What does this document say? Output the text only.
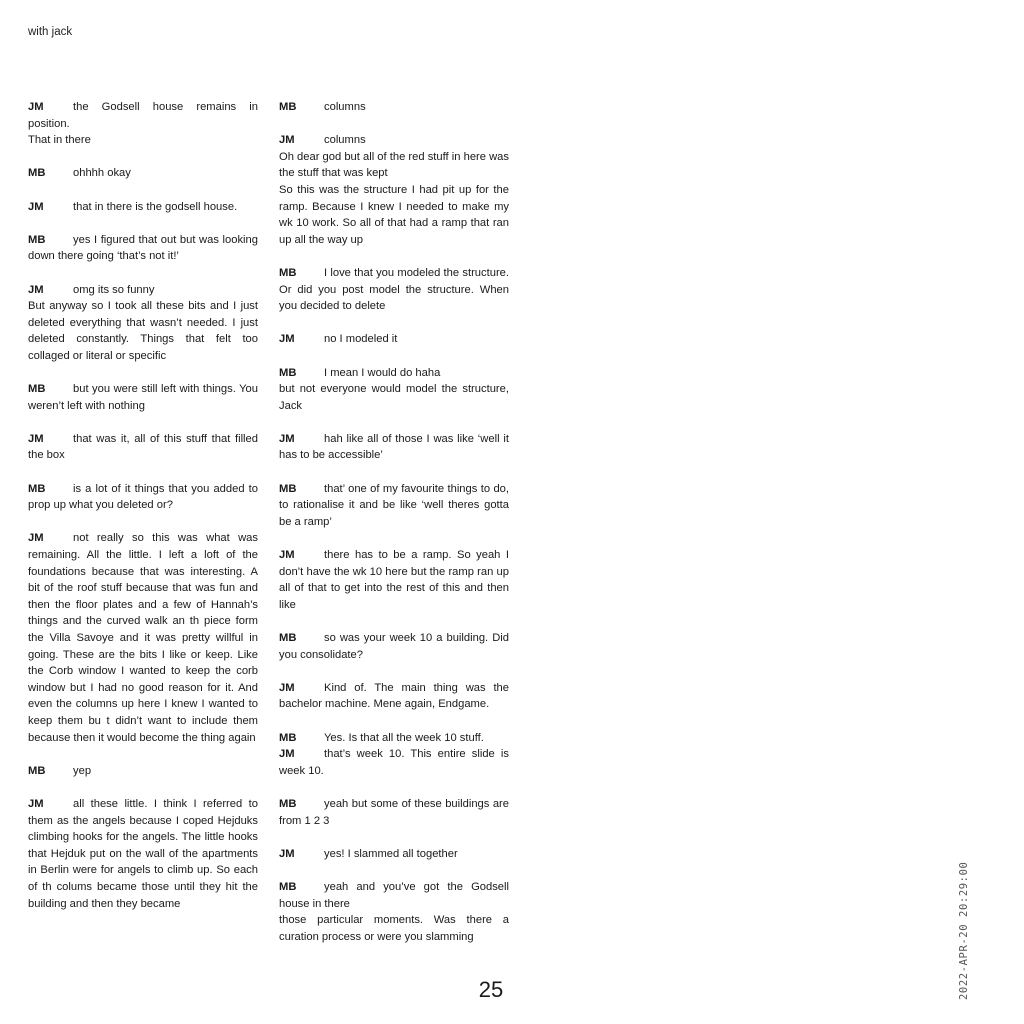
with jack
JM	the Godsell house remains in position.
That in there
MB ohhhh okay
JM	that in there is the godsell house.
MB yes I figured that out but was looking down there going ‘that’s not it!’
JM	omg its so funny
But anyway so I took all these bits and I just deleted everything that wasn’t needed. I just deleted constantly. Things that felt too collaged or literal or specific
MB but you were still left with things. You weren’t left with nothing
JM	that was it, all of this stuff that filled the box
MB is a lot of it things that you added to prop up what you deleted or?
JM	not really so this was what was remaining. All the little. I left a loft of the foundations because that was interesting. A bit of the roof stuff because that was fun and then the floor plates and a few of Hannah’s things and the curved walk an th piece form the Villa Savoye and it was pretty willful in going. These are the bits I like or keep. Like the Corb window I wanted to keep the corb window but I had no good reason for it. And even the columns up here I knew I wanted to keep them bu t didn’t want to include them because then it would become the thing again
MB yep
JM	all these little. I think I referred to them as the angels because I coped Hejduks climbing hooks for the angels. The little hooks that Hejduk put on the wall of the apartments in Berlin were for angels to climb up. So each of th colums became those until they hit the building and then they became
MB columns
JM	columns
Oh dear god but all of the red stuff in here was the stuff that was kept
So this was the structure I had pit up for the ramp. Because I knew I needed to make my wk 10 work. So all of that had a ramp that ran up all the way up
MB I love that you modeled the structure. Or did you post model the structure. When you decided to delete
JM	no I modeled it
MB I mean I would do haha
but not everyone would model the structure, Jack
JM	hah like all of those I was like ‘well it has to be accessible’
MB that’ one of my favourite things to do, to rationalise it and be like ‘well theres gotta be a ramp’
JM	there has to be a ramp. So yeah I don’t have the wk 10 here but the ramp ran up all of that to get into the rest of this and then like
MB so was your week 10 a building. Did you consolidate?
JM	Kind of. The main thing was the bachelor machine. Mene again, Endgame.
MB Yes. Is that all the week 10 stuff.
JM	that’s week 10. This entire slide is week 10.
MB yeah but some of these buildings are from 1 2 3
JM	yes! I slammed all together
MB yeah and you’ve got the Godsell house in there
those particular moments. Was there a curation process or were you slamming
25	2022-APR-20 20:29:00
